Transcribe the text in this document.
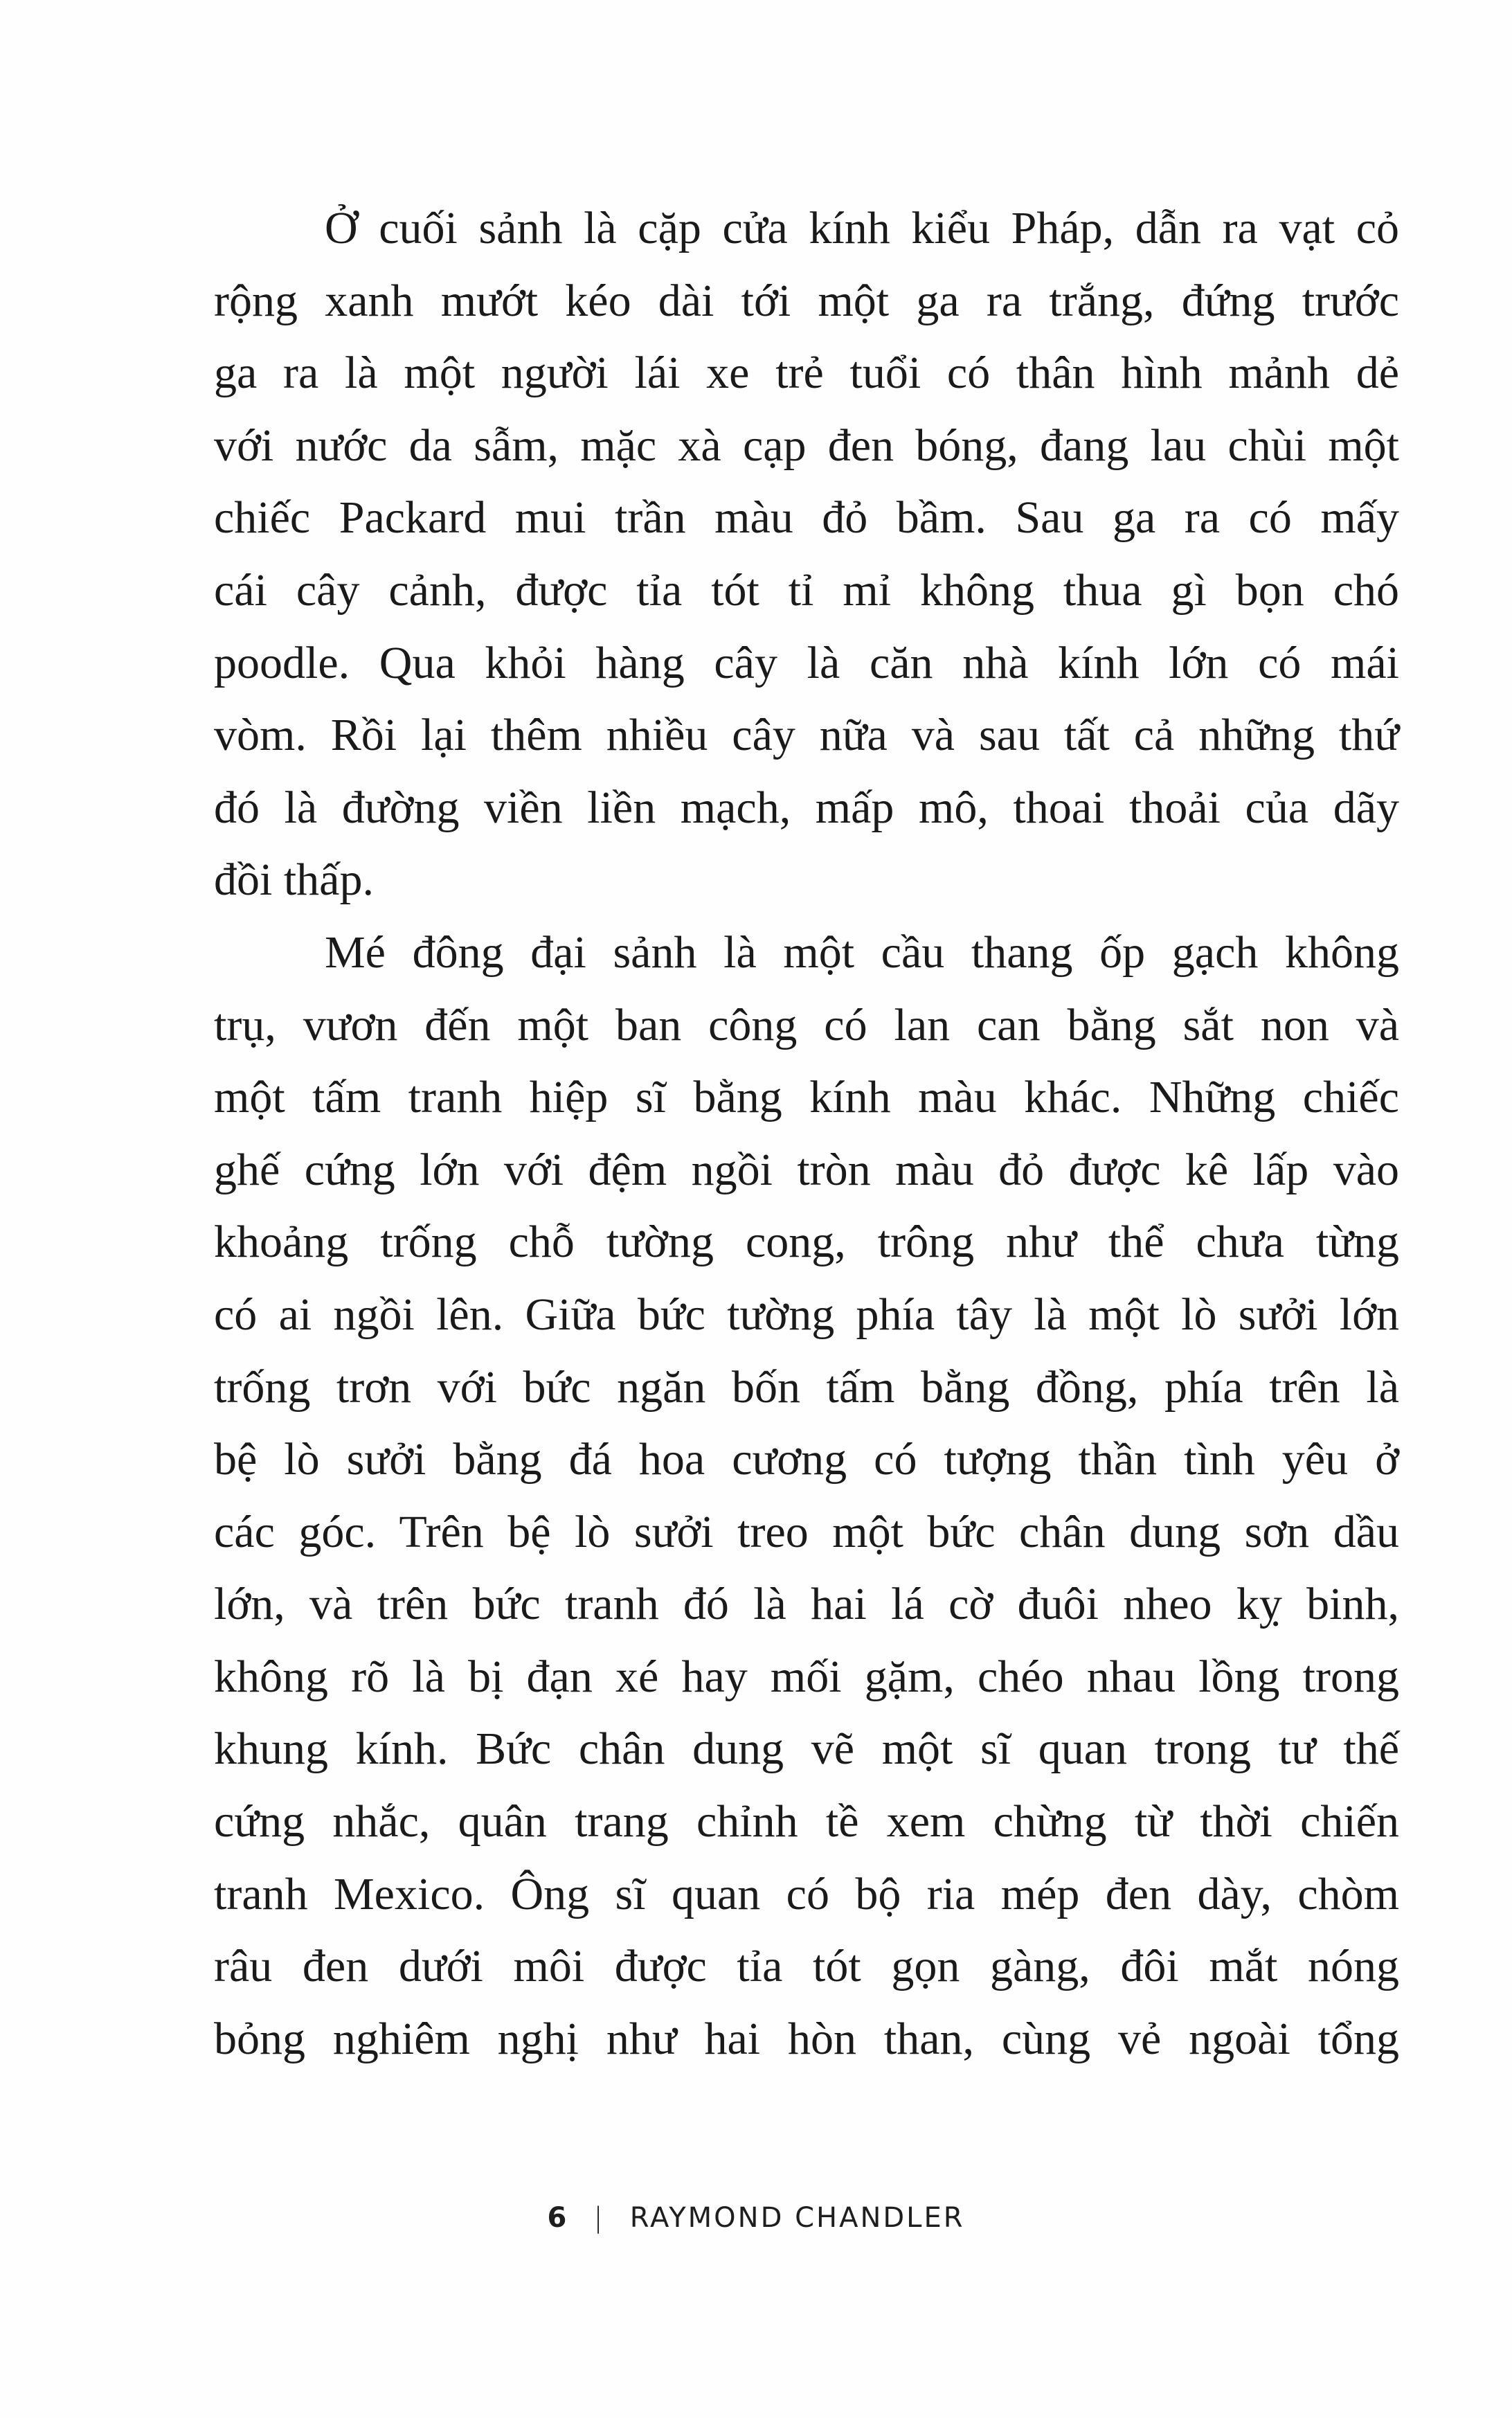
Ở cuối sảnh là cặp cửa kính kiểu Pháp, dẫn ra vạt cỏ
rộng xanh mướt kéo dài tới một ga ra trắng, đứng trước
ga ra là một người lái xe trẻ tuổi có thân hình mảnh dẻ
với nước da sẫm, mặc xà cạp đen bóng, đang lau chùi một
chiếc Packard mui trần màu đỏ bầm. Sau ga ra có mấy
cái cây cảnh, được tỉa tót tỉ mỉ không thua gì bọn chó
poodle. Qua khỏi hàng cây là căn nhà kính lớn có mái
vòm. Rồi lại thêm nhiều cây nữa và sau tất cả những thứ
đó là đường viền liền mạch, mấp mô, thoai thoải của dãy
đồi thấp.
Mé đông đại sảnh là một cầu thang ốp gạch không
trụ, vươn đến một ban công có lan can bằng sắt non và
một tấm tranh hiệp sĩ bằng kính màu khác. Những chiếc
ghế cứng lớn với đệm ngồi tròn màu đỏ được kê lấp vào
khoảng trống chỗ tường cong, trông như thể chưa từng
có ai ngồi lên. Giữa bức tường phía tây là một lò sưởi lớn
trống trơn với bức ngăn bốn tấm bằng đồng, phía trên là
bệ lò sưởi bằng đá hoa cương có tượng thần tình yêu ở
các góc. Trên bệ lò sưởi treo một bức chân dung sơn dầu
lớn, và trên bức tranh đó là hai lá cờ đuôi nheo kỵ binh,
không rõ là bị đạn xé hay mối gặm, chéo nhau lồng trong
khung kính. Bức chân dung vẽ một sĩ quan trong tư thế
cứng nhắc, quân trang chỉnh tề xem chừng từ thời chiến
tranh Mexico. Ông sĩ quan có bộ ria mép đen dày, chòm
râu đen dưới môi được tỉa tót gọn gàng, đôi mắt nóng
bỏng nghiêm nghị như hai hòn than, cùng vẻ ngoài tổng
6 | RAYMOND CHANDLER
